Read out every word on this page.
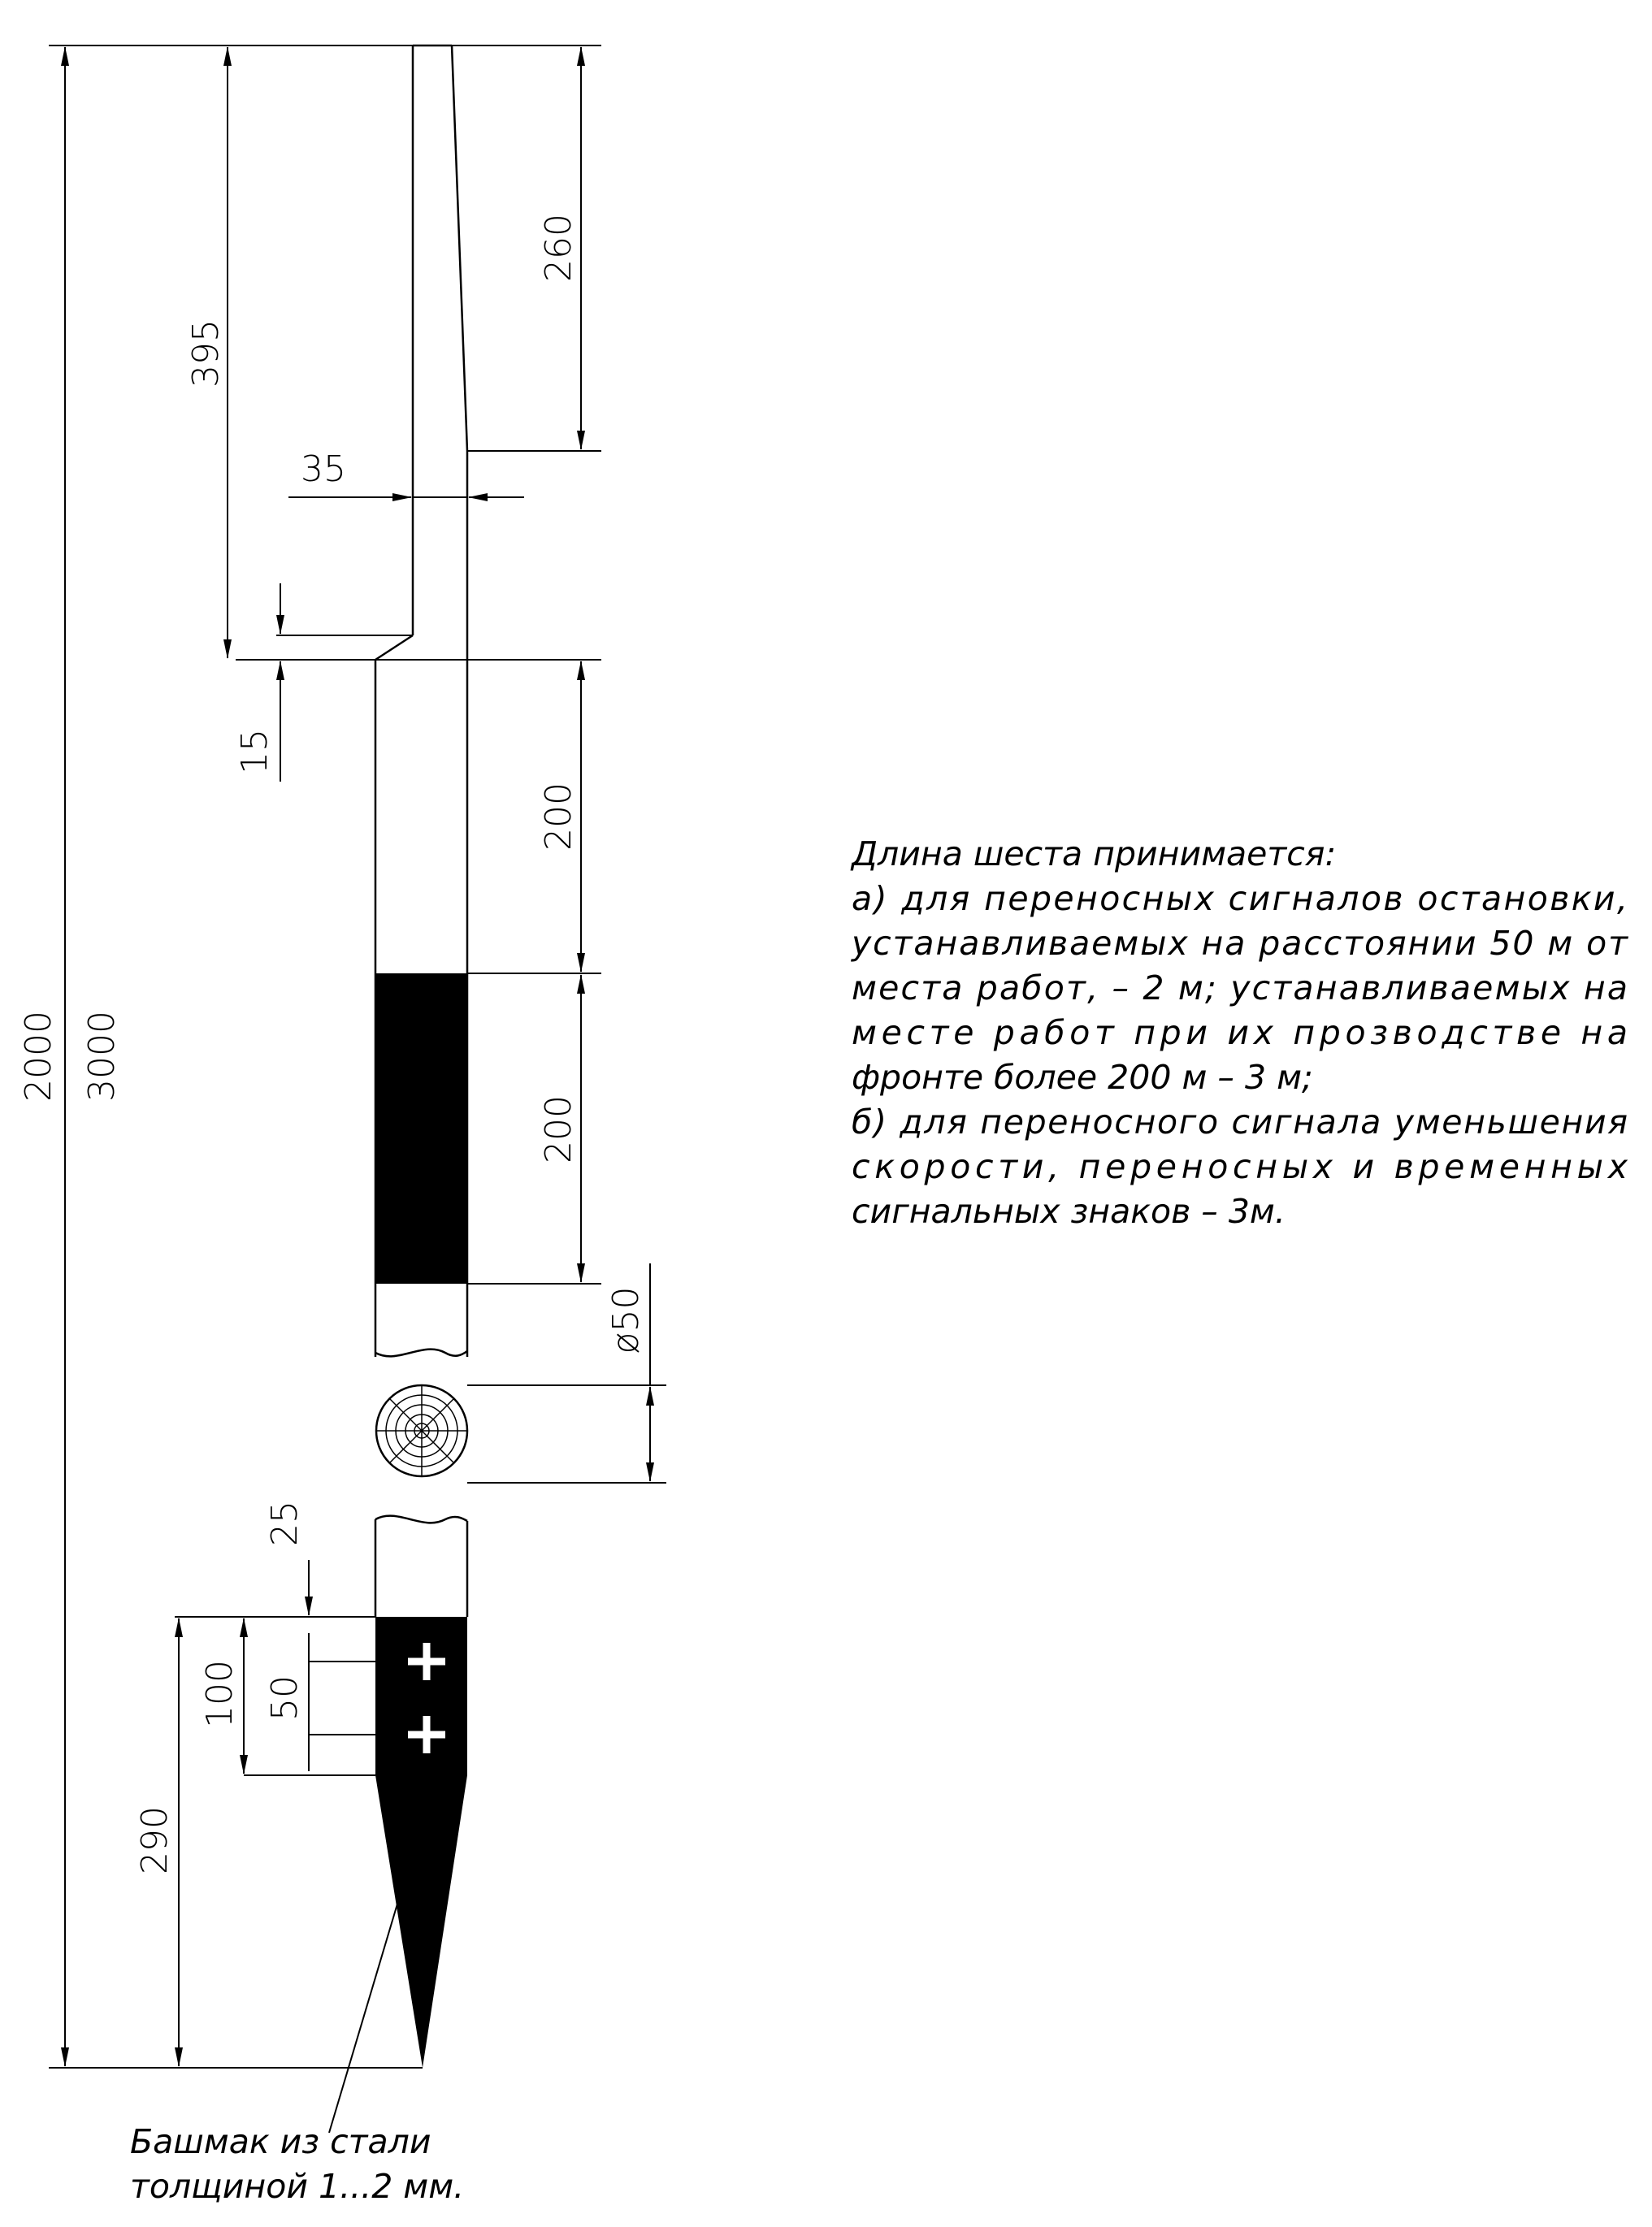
2000 3000
395
260
35
15
200
200
ø50
25
100 50
290
Башмак из стали
толщиной 1...2 мм.
Длина шеста принимается:
а) для переносных сигналов остановки,
устанавливаемых на расстоянии 50 м от
места работ, – 2 м; устанавливаемых на
месте работ при их прозводстве на
фронте более 200 м – 3 м;
б) для переносного сигнала уменьшения
скорости, переносных и временных
сигнальных знаков – 3м.
